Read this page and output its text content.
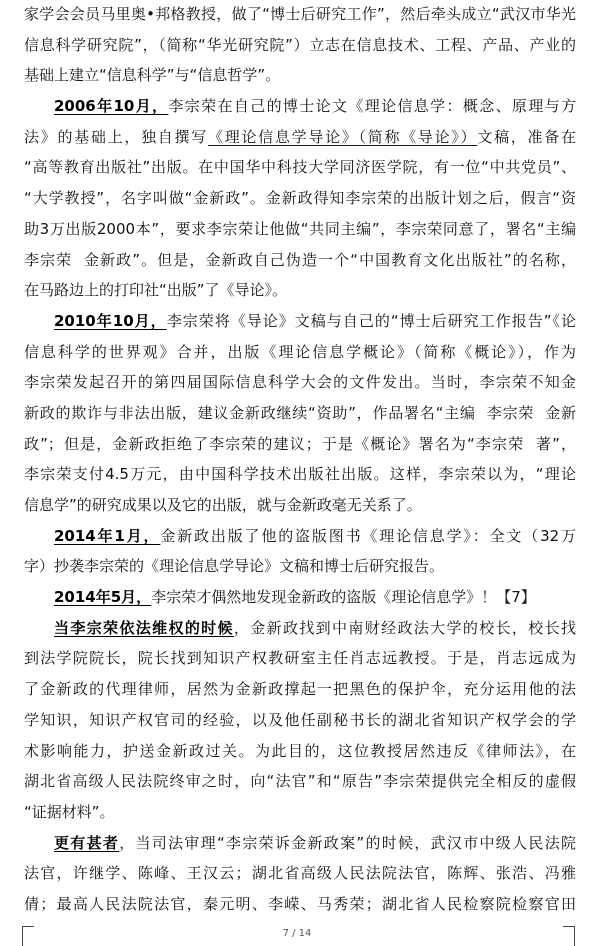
家学会会员马里奥•邦格教授，做了“博士后研究工作”，然后牵头成立“武汉市华光
信息科学研究院”，（简称“华光研究院”）立志在信息技术、工程、产品、产业的
基础上建立“信息科学”与“信息哲学”。
2006年10月，李宗荣在自己的博士论文《理论信息学：概念、原理与方
法》的基础上，独自撰写《理论信息学导论》（简称《导论》）文稿，准备在
“高等教育出版社”出版。在中国华中科技大学同济医学院，有一位“中共党员”、
“大学教授”，名字叫做“金新政”。金新政得知李宗荣的出版计划之后，假言“资
助3万出版2000本”，要求李宗荣让他做“共同主编”，李宗荣同意了，署名“主编
李宗荣  金新政”。但是，金新政自己伪造一个“中国教育文化出版社”的名称，
在马路边上的打印社“出版”了《导论》。
2010年10月，李宗荣将《导论》文稿与自己的“博士后研究工作报告”《论
信息科学的世界观》合并，出版《理论信息学概论》（简称《概论》），作为
李宗荣发起召开的第四届国际信息科学大会的文件发出。当时，李宗荣不知金
新政的欺诈与非法出版，建议金新政继续“资助”，作品署名“主编  李宗荣  金新
政”；但是，金新政拒绝了李宗荣的建议；于是《概论》署名为“李宗荣  著”，
李宗荣支付4.5万元，由中国科学技术出版社出版。这样，李宗荣以为，“理论
信息学”的研究成果以及它的出版，就与金新政毫无关系了。
2014年1月，金新政出版了他的盗版图书《理论信息学》：全文（32万
字）抄袭李宗荣的《理论信息学导论》文稿和博士后研究报告。
2014年5月，李宗荣才偶然地发现金新政的盗版《理论信息学》！【7】
当李宗荣依法维权的时候，金新政找到中南财经政法大学的校长，校长找
到法学院院长，院长找到知识产权教研室主任肖志远教授。于是，肖志远成为
了金新政的代理律师，居然为金新政撑起一把黑色的保护伞，充分运用他的法
学知识，知识产权官司的经验，以及他任副秘书长的湖北省知识产权学会的学
术影响能力，护送金新政过关。为此目的，这位教授居然违反《律师法》，在
湖北省高级人民法院终审之时，向“法官”和“原告”李宗荣提供完全相反的虚假
“证据材料”。
更有甚者，当司法审理“李宗荣诉金新政案”的时候，武汉市中级人民法院
法官，许继学、陈峰、王汉云；湖北省高级人民法院法官，陈辉、张浩、冯雅
倩；最高人民法院法官，秦元明、李嵘、马秀荣；湖北省人民检察院检察官田
7 / 14
